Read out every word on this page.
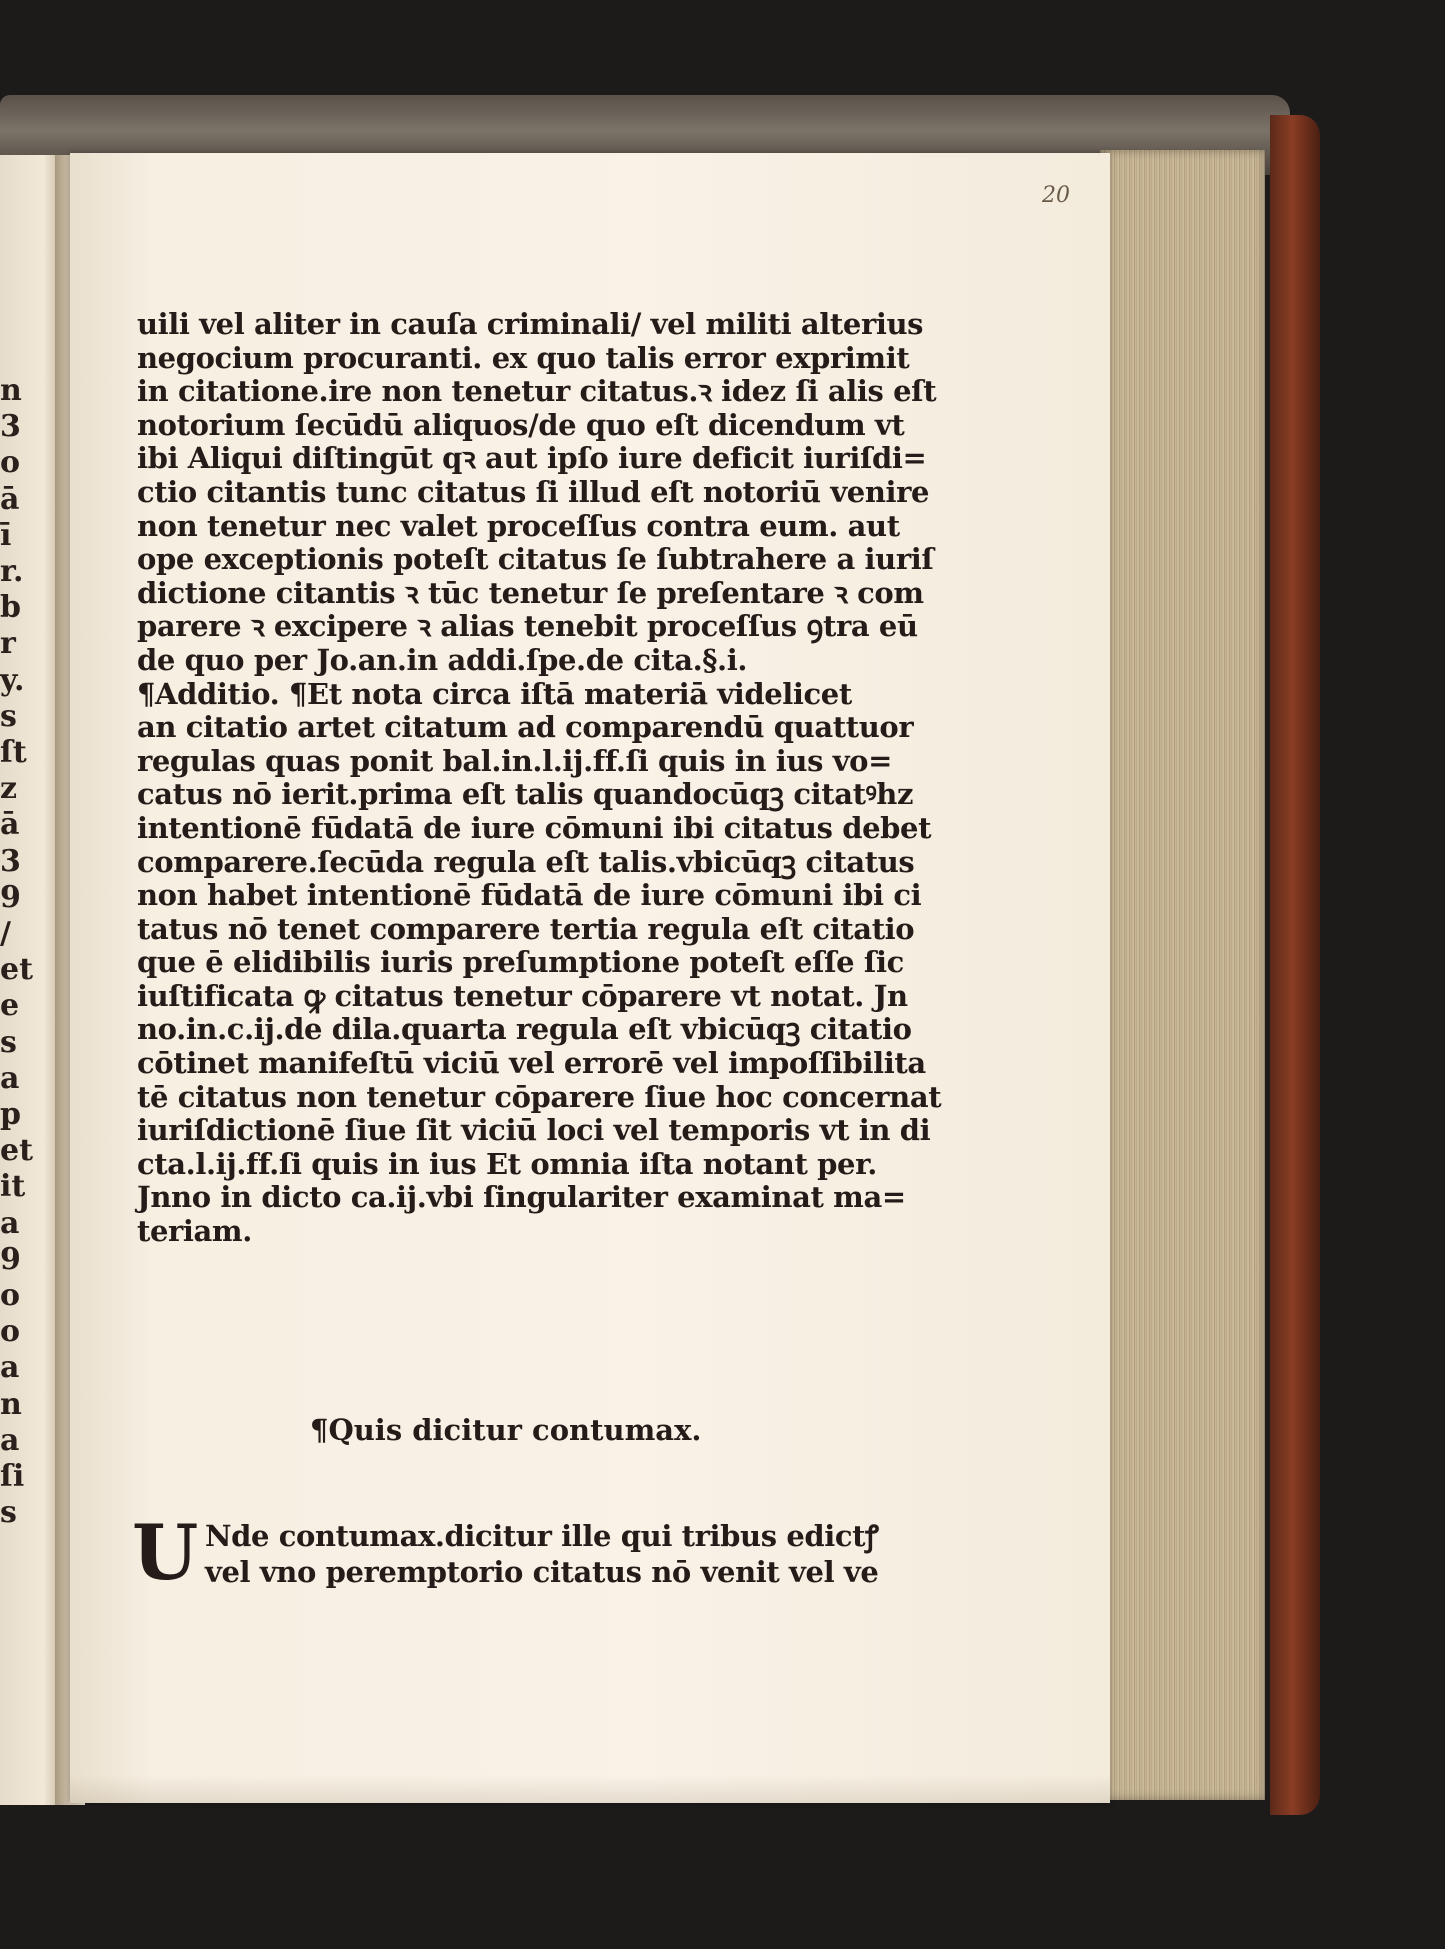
n
3
o
ā
ī
r.
b
r
y.
s
ſt
z
ā
3
9
/
et
e
s
a
p
et
it
a
9
o
o
a
n
a
ſi
s
20
uili vel aliter in cauſa criminali/ vel militi alterius
negocium procuranti. ex quo talis error exprimit
in citatione.ire non tenetur citatus.ꝛ idez ſi alis eſt
notorium ſecūdū aliquos/de quo eſt dicendum vt
ibi Aliqui diſtingūt qꝛ aut ipſo iure deficit iuriſdi=
ctio citantis tunc citatus ſi illud eſt notoriū venire
non tenetur nec valet proceſſus contra eum. aut
ope exceptionis poteſt citatus ſe ſubtrahere a iuriſ
dictione citantis ꝛ tūc tenetur ſe preſentare ꝛ com
parere ꝛ excipere ꝛ alias tenebit proceſſus ꝯtra eū
de quo per Jo.an.in addi.ſpe.de cita.§.i.
¶Additio. ¶Et nota circa iſtā materiā videlicet
an citatio artet citatum ad comparendū quattuor
regulas quas ponit bal.in.l.ij.ff.ſi quis in ius vo=
catus nō ierit.prima eſt talis quandocūqꝫ citatꝰhz
intentionē fūdatā de iure cōmuni ibi citatus debet
comparere.ſecūda regula eſt talis.vbicūqꝫ citatus
non habet intentionē fūdatā de iure cōmuni ibi ci
tatus nō tenet comparere tertia regula eſt citatio
que ē elidibilis iuris preſumptione poteſt eſſe ſic
iuſtificata ꝙ citatus tenetur cōparere vt notat. Jn
no.in.c.ij.de dila.quarta regula eſt vbicūqꝫ citatio
cōtinet manifeſtū viciū vel errorē vel impoſſibilita
tē citatus non tenetur cōparere ſiue hoc concernat
iuriſdictionē ſiue ſit viciū loci vel temporis vt in di
cta.l.ij.ff.ſi quis in ius Et omnia iſta notant per.
Jnno in dicto ca.ij.vbi ſingulariter examinat ma=
teriam.
¶Quis dicitur contumax.
U Nde contumax.dicitur ille qui tribus edictꝭ
vel vno peremptorio citatus nō venit vel ve
